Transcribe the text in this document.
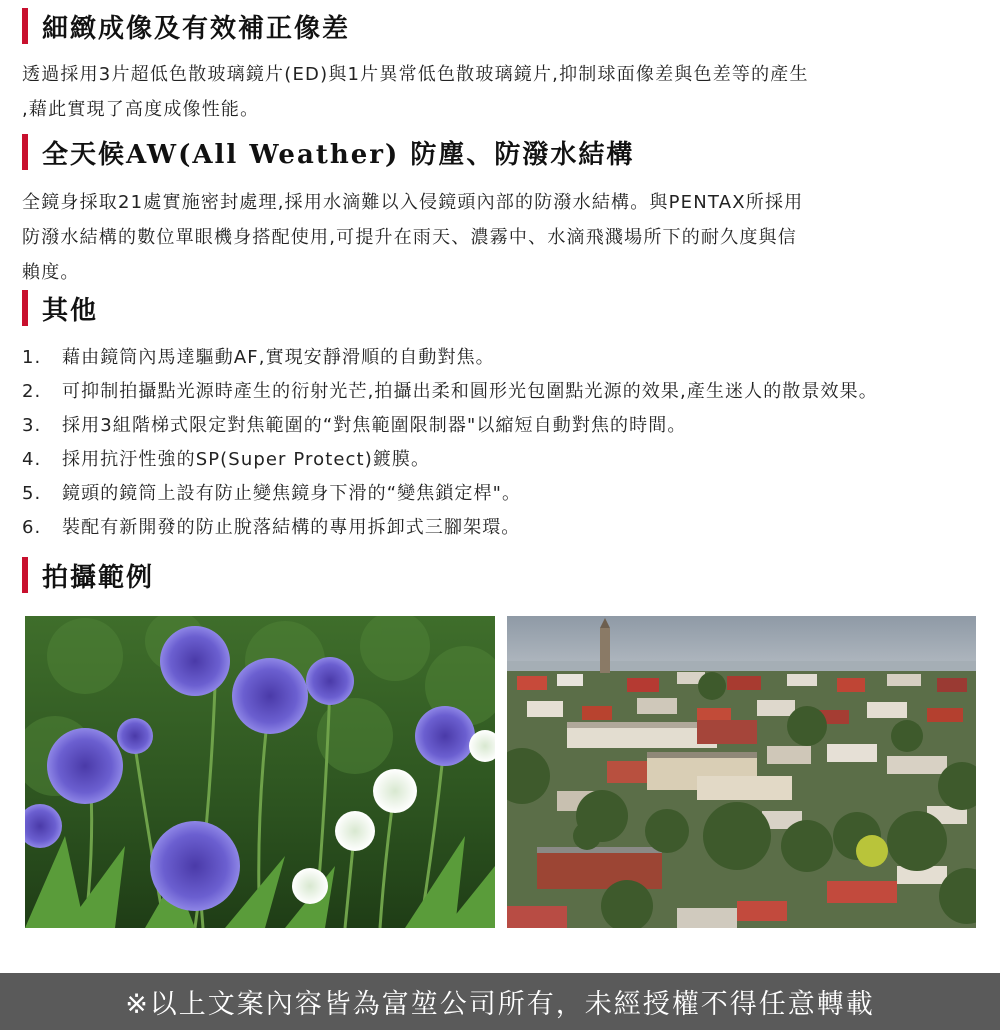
細緻成像及有效補正像差
透過採用3片超低色散玻璃鏡片(ED)與1片異常低色散玻璃鏡片,抑制球面像差與色差等的產生
,藉此實現了高度成像性能。
全天候AW(All Weather) 防塵、防潑水結構
全鏡身採取21處實施密封處理,採用水滴難以入侵鏡頭內部的防潑水結構。與PENTAX所採用
防潑水結構的數位單眼機身搭配使用,可提升在雨天、濃霧中、水滴飛濺場所下的耐久度與信
賴度。
其他
1.	藉由鏡筒內馬達驅動AF,實現安靜滑順的自動對焦。
2.	可抑制拍攝點光源時產生的衍射光芒,拍攝出柔和圓形光包圍點光源的效果,產生迷人的散景效果。
3.	採用3組階梯式限定對焦範圍的“對焦範圍限制器"以縮短自動對焦的時間。
4.	採用抗汙性強的SP(Super Protect)鍍膜。
5.	鏡頭的鏡筒上設有防止變焦鏡身下滑的“變焦鎖定桿"。
6.	裝配有新開發的防止脫落結構的專用拆卸式三腳架環。
拍攝範例
※以上文案內容皆為富堃公司所有，未經授權不得任意轉載
